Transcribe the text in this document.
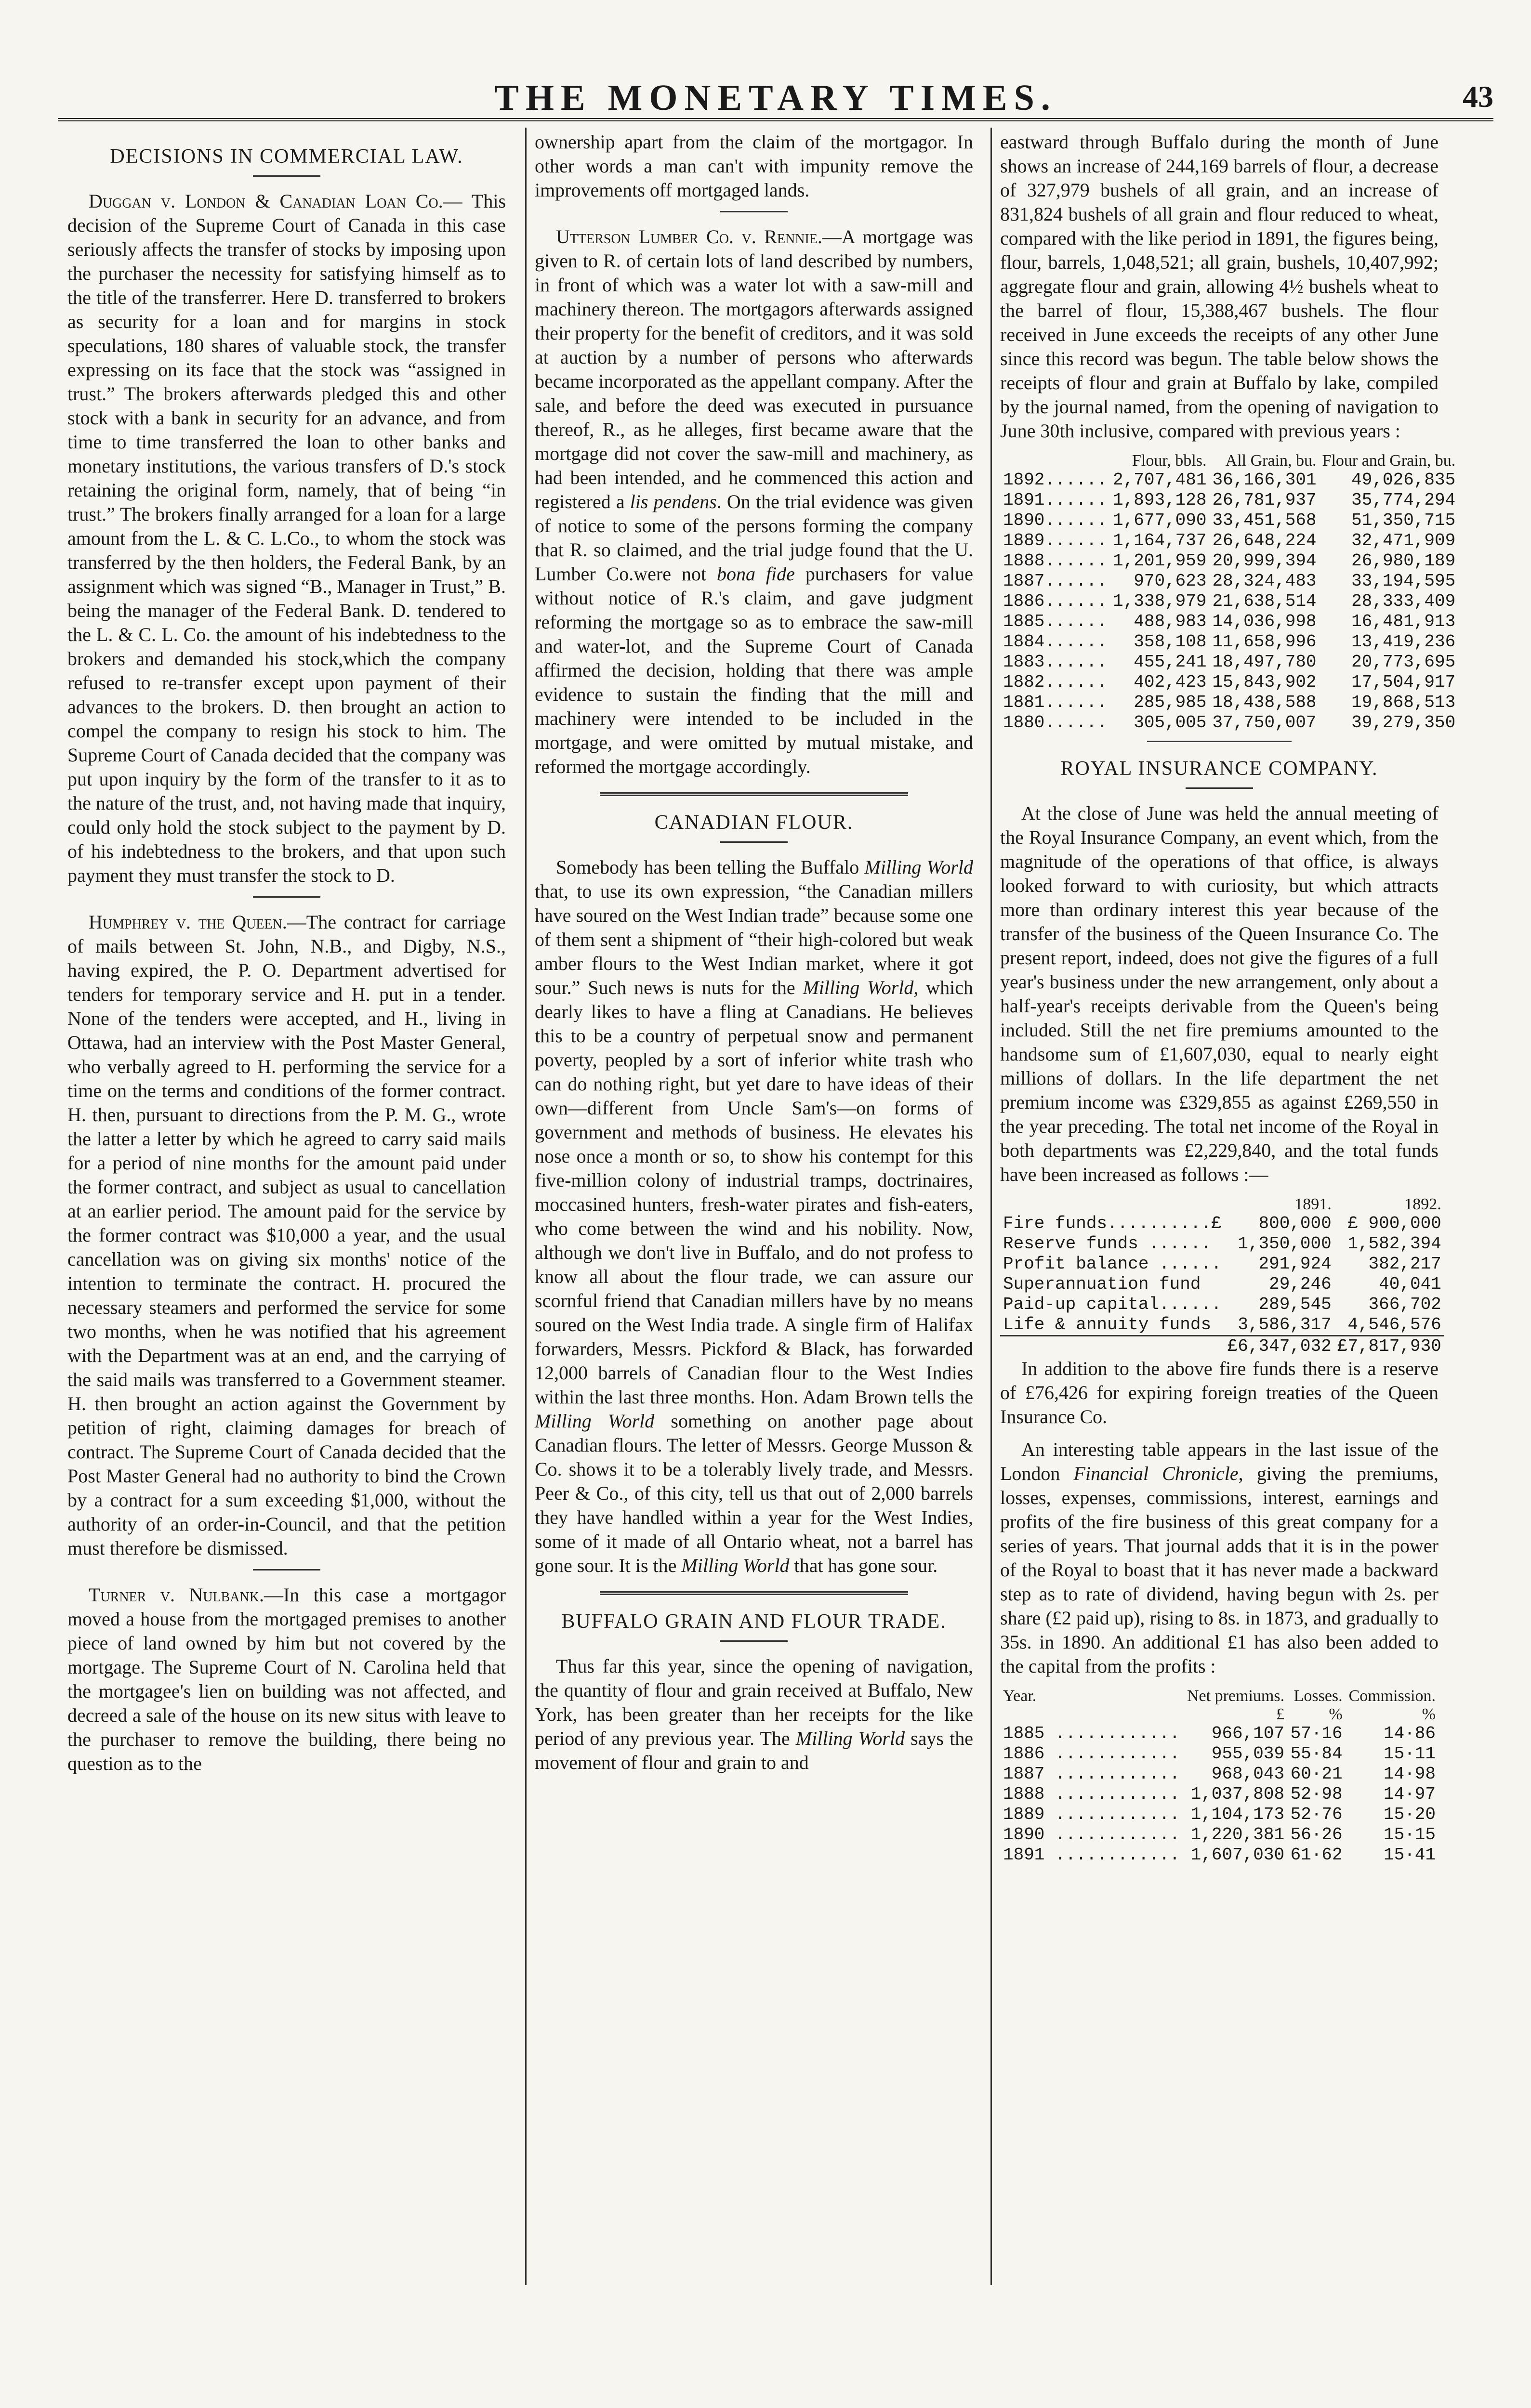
THE MONETARY TIMES.	43
DECISIONS IN COMMERCIAL LAW.

Duggan v. London & Canadian Loan Co.— This decision of the Supreme Court of Canada in this case seriously affects the transfer of stocks by imposing upon the purchaser the necessity for satisfying himself as to the title of the transferrer. Here D. transferred to brokers as security for a loan and for margins in stock speculations, 180 shares of valuable stock, the transfer expressing on its face that the stock was “assigned in trust.” The brokers afterwards pledged this and other stock with a bank in security for an advance, and from time to time transferred the loan to other banks and monetary institutions, the various transfers of D.'s stock retaining the original form, namely, that of being “in trust.” The brokers finally arranged for a loan for a large amount from the L. & C. L.Co., to whom the stock was transferred by the then holders, the Federal Bank, by an assignment which was signed “B., Manager in Trust,” B. being the manager of the Federal Bank. D. tendered to the L. & C. L. Co. the amount of his indebtedness to the brokers and demanded his stock,which the company refused to re-transfer except upon payment of their advances to the brokers. D. then brought an action to compel the company to resign his stock to him. The Supreme Court of Canada decided that the company was put upon inquiry by the form of the transfer to it as to the nature of the trust, and, not having made that inquiry, could only hold the stock subject to the payment by D. of his indebtedness to the brokers, and that upon such payment they must transfer the stock to D.

Humphrey v. the Queen.—The contract for carriage of mails between St. John, N.B., and Digby, N.S., having expired, the P. O. Department advertised for tenders for temporary service and H. put in a tender. None of the tenders were accepted, and H., living in Ottawa, had an interview with the Post Master General, who verbally agreed to H. performing the service for a time on the terms and conditions of the former contract. H. then, pursuant to directions from the P. M. G., wrote the latter a letter by which he agreed to carry said mails for a period of nine months for the amount paid under the former contract, and subject as usual to cancellation at an earlier period. The amount paid for the service by the former contract was $10,000 a year, and the usual cancellation was on giving six months' notice of the intention to terminate the contract. H. procured the necessary steamers and performed the service for some two months, when he was notified that his agreement with the Department was at an end, and the carrying of the said mails was transferred to a Government steamer. H. then brought an action against the Government by petition of right, claiming damages for breach of contract. The Supreme Court of Canada decided that the Post Master General had no authority to bind the Crown by a contract for a sum exceeding $1,000, without the authority of an order-in-Council, and that the petition must therefore be dismissed.

Turner v. Nulbank.—In this case a mortgagor moved a house from the mortgaged premises to another piece of land owned by him but not covered by the mortgage. The Supreme Court of N. Carolina held that the mortgagee's lien on building was not affected, and decreed a sale of the house on its new situs with leave to the purchaser to remove the building, there being no question as to the

ownership apart from the claim of the mortgagor. In other words a man can't with impunity remove the improvements off mortgaged lands.

Utterson Lumber Co. v. Rennie.—A mortgage was given to R. of certain lots of land described by numbers, in front of which was a water lot with a saw-mill and machinery thereon. The mortgagors afterwards assigned their property for the benefit of creditors, and it was sold at auction by a number of persons who afterwards became incorporated as the appellant company. After the sale, and before the deed was executed in pursuance thereof, R., as he alleges, first became aware that the mortgage did not cover the saw-mill and machinery, as had been intended, and he commenced this action and registered a lis pendens. On the trial evidence was given of notice to some of the persons forming the company that R. so claimed, and the trial judge found that the U. Lumber Co.were not bona fide purchasers for value without notice of R.'s claim, and gave judgment reforming the mortgage so as to embrace the saw-mill and water-lot, and the Supreme Court of Canada affirmed the decision, holding that there was ample evidence to sustain the finding that the mill and machinery were intended to be included in the mortgage, and were omitted by mutual mistake, and reformed the mortgage accordingly.

CANADIAN FLOUR.

Somebody has been telling the Buffalo Milling World that, to use its own expression, “the Canadian millers have soured on the West Indian trade” because some one of them sent a shipment of “their high-colored but weak amber flours to the West Indian market, where it got sour.” Such news is nuts for the Milling World, which dearly likes to have a fling at Canadians. He believes this to be a country of perpetual snow and permanent poverty, peopled by a sort of inferior white trash who can do nothing right, but yet dare to have ideas of their own—different from Uncle Sam's—on forms of government and methods of business. He elevates his nose once a month or so, to show his contempt for this five-million colony of industrial tramps, doctrinaires, moccasined hunters, fresh-water pirates and fish-eaters, who come between the wind and his nobility. Now, although we don't live in Buffalo, and do not profess to know all about the flour trade, we can assure our scornful friend that Canadian millers have by no means soured on the West India trade. A single firm of Halifax forwarders, Messrs. Pickford & Black, has forwarded 12,000 barrels of Canadian flour to the West Indies within the last three months. Hon. Adam Brown tells the Milling World something on another page about Canadian flours. The letter of Messrs. George Musson & Co. shows it to be a tolerably lively trade, and Messrs. Peer & Co., of this city, tell us that out of 2,000 barrels they have handled within a year for the West Indies, some of it made of all Ontario wheat, not a barrel has gone sour. It is the Milling World that has gone sour.

BUFFALO GRAIN AND FLOUR TRADE.

Thus far this year, since the opening of navigation, the quantity of flour and grain received at Buffalo, New York, has been greater than her receipts for the like period of any previous year. The Milling World says the movement of flour and grain to and

eastward through Buffalo during the month of June shows an increase of 244,169 barrels of flour, a decrease of 327,979 bushels of all grain, and an increase of 831,824 bushels of all grain and flour reduced to wheat, compared with the like period in 1891, the figures being, flour, barrels, 1,048,521; all grain, bushels, 10,407,992; aggregate flour and grain, allowing 4½ bushels wheat to the barrel of flour, 15,388,467 bushels. The flour received in June exceeds the receipts of any other June since this record was begun. The table below shows the receipts of flour and grain at Buffalo by lake, compiled by the journal named, from the opening of navigation to June 30th inclusive, compared with previous years :

	Flour, bbls.	All Grain, bu.	Flour and Grain, bu.
1892......	2,707,481	36,166,301	49,026,835
1891......	1,893,128	26,781,937	35,774,294
1890......	1,677,090	33,451,568	51,350,715
1889......	1,164,737	26,648,224	32,471,909
1888......	1,201,959	20,999,394	26,980,189
1887......	970,623	28,324,483	33,194,595
1886......	1,338,979	21,638,514	28,333,409
1885......	488,983	14,036,998	16,481,913
1884......	358,108	11,658,996	13,419,236
1883......	455,241	18,497,780	20,773,695
1882......	402,423	15,843,902	17,504,917
1881......	285,985	18,438,588	19,868,513
1880......	305,005	37,750,007	39,279,350
ROYAL INSURANCE COMPANY.

At the close of June was held the annual meeting of the Royal Insurance Company, an event which, from the magnitude of the operations of that office, is always looked forward to with curiosity, but which attracts more than ordinary interest this year because of the transfer of the business of the Queen Insurance Co. The present report, indeed, does not give the figures of a full year's business under the new arrangement, only about a half-year's receipts derivable from the Queen's being included. Still the net fire premiums amounted to the handsome sum of £1,607,030, equal to nearly eight millions of dollars. In the life department the net premium income was £329,855 as against £269,550 in the year preceding. The total net income of the Royal in both departments was £2,229,840, and the total funds have been increased as follows :—

	1891.	1892.
Fire funds..........£	800,000	£ 900,000
Reserve funds ......	1,350,000	1,582,394
Profit balance ......	291,924	382,217
Superannuation fund	29,246	40,041
Paid-up capital......	289,545	366,702
Life & annuity funds	3,586,317	4,546,576
	£6,347,032	£7,817,930

In addition to the above fire funds there is a reserve of £76,426 for expiring foreign treaties of the Queen Insurance Co.

An interesting table appears in the last issue of the London Financial Chronicle, giving the premiums, losses, expenses, commissions, interest, earnings and profits of the fire business of this great company for a series of years. That journal adds that it is in the power of the Royal to boast that it has never made a backward step as to rate of dividend, having begun with 2s. per share (£2 paid up), rising to 8s. in 1873, and gradually to 35s. in 1890. An additional £1 has also been added to the capital from the profits :

Year.	Net premiums.	Losses.	Commission.
	£	%	%
1885 ............	966,107	57·16	14·86
1886 ............	955,039	55·84	15·11
1887 ............	968,043	60·21	14·98
1888 ............	1,037,808	52·98	14·97
1889 ............	1,104,173	52·76	15·20
1890 ............	1,220,381	56·26	15·15
1891 ............	1,607,030	61·62	15·41
